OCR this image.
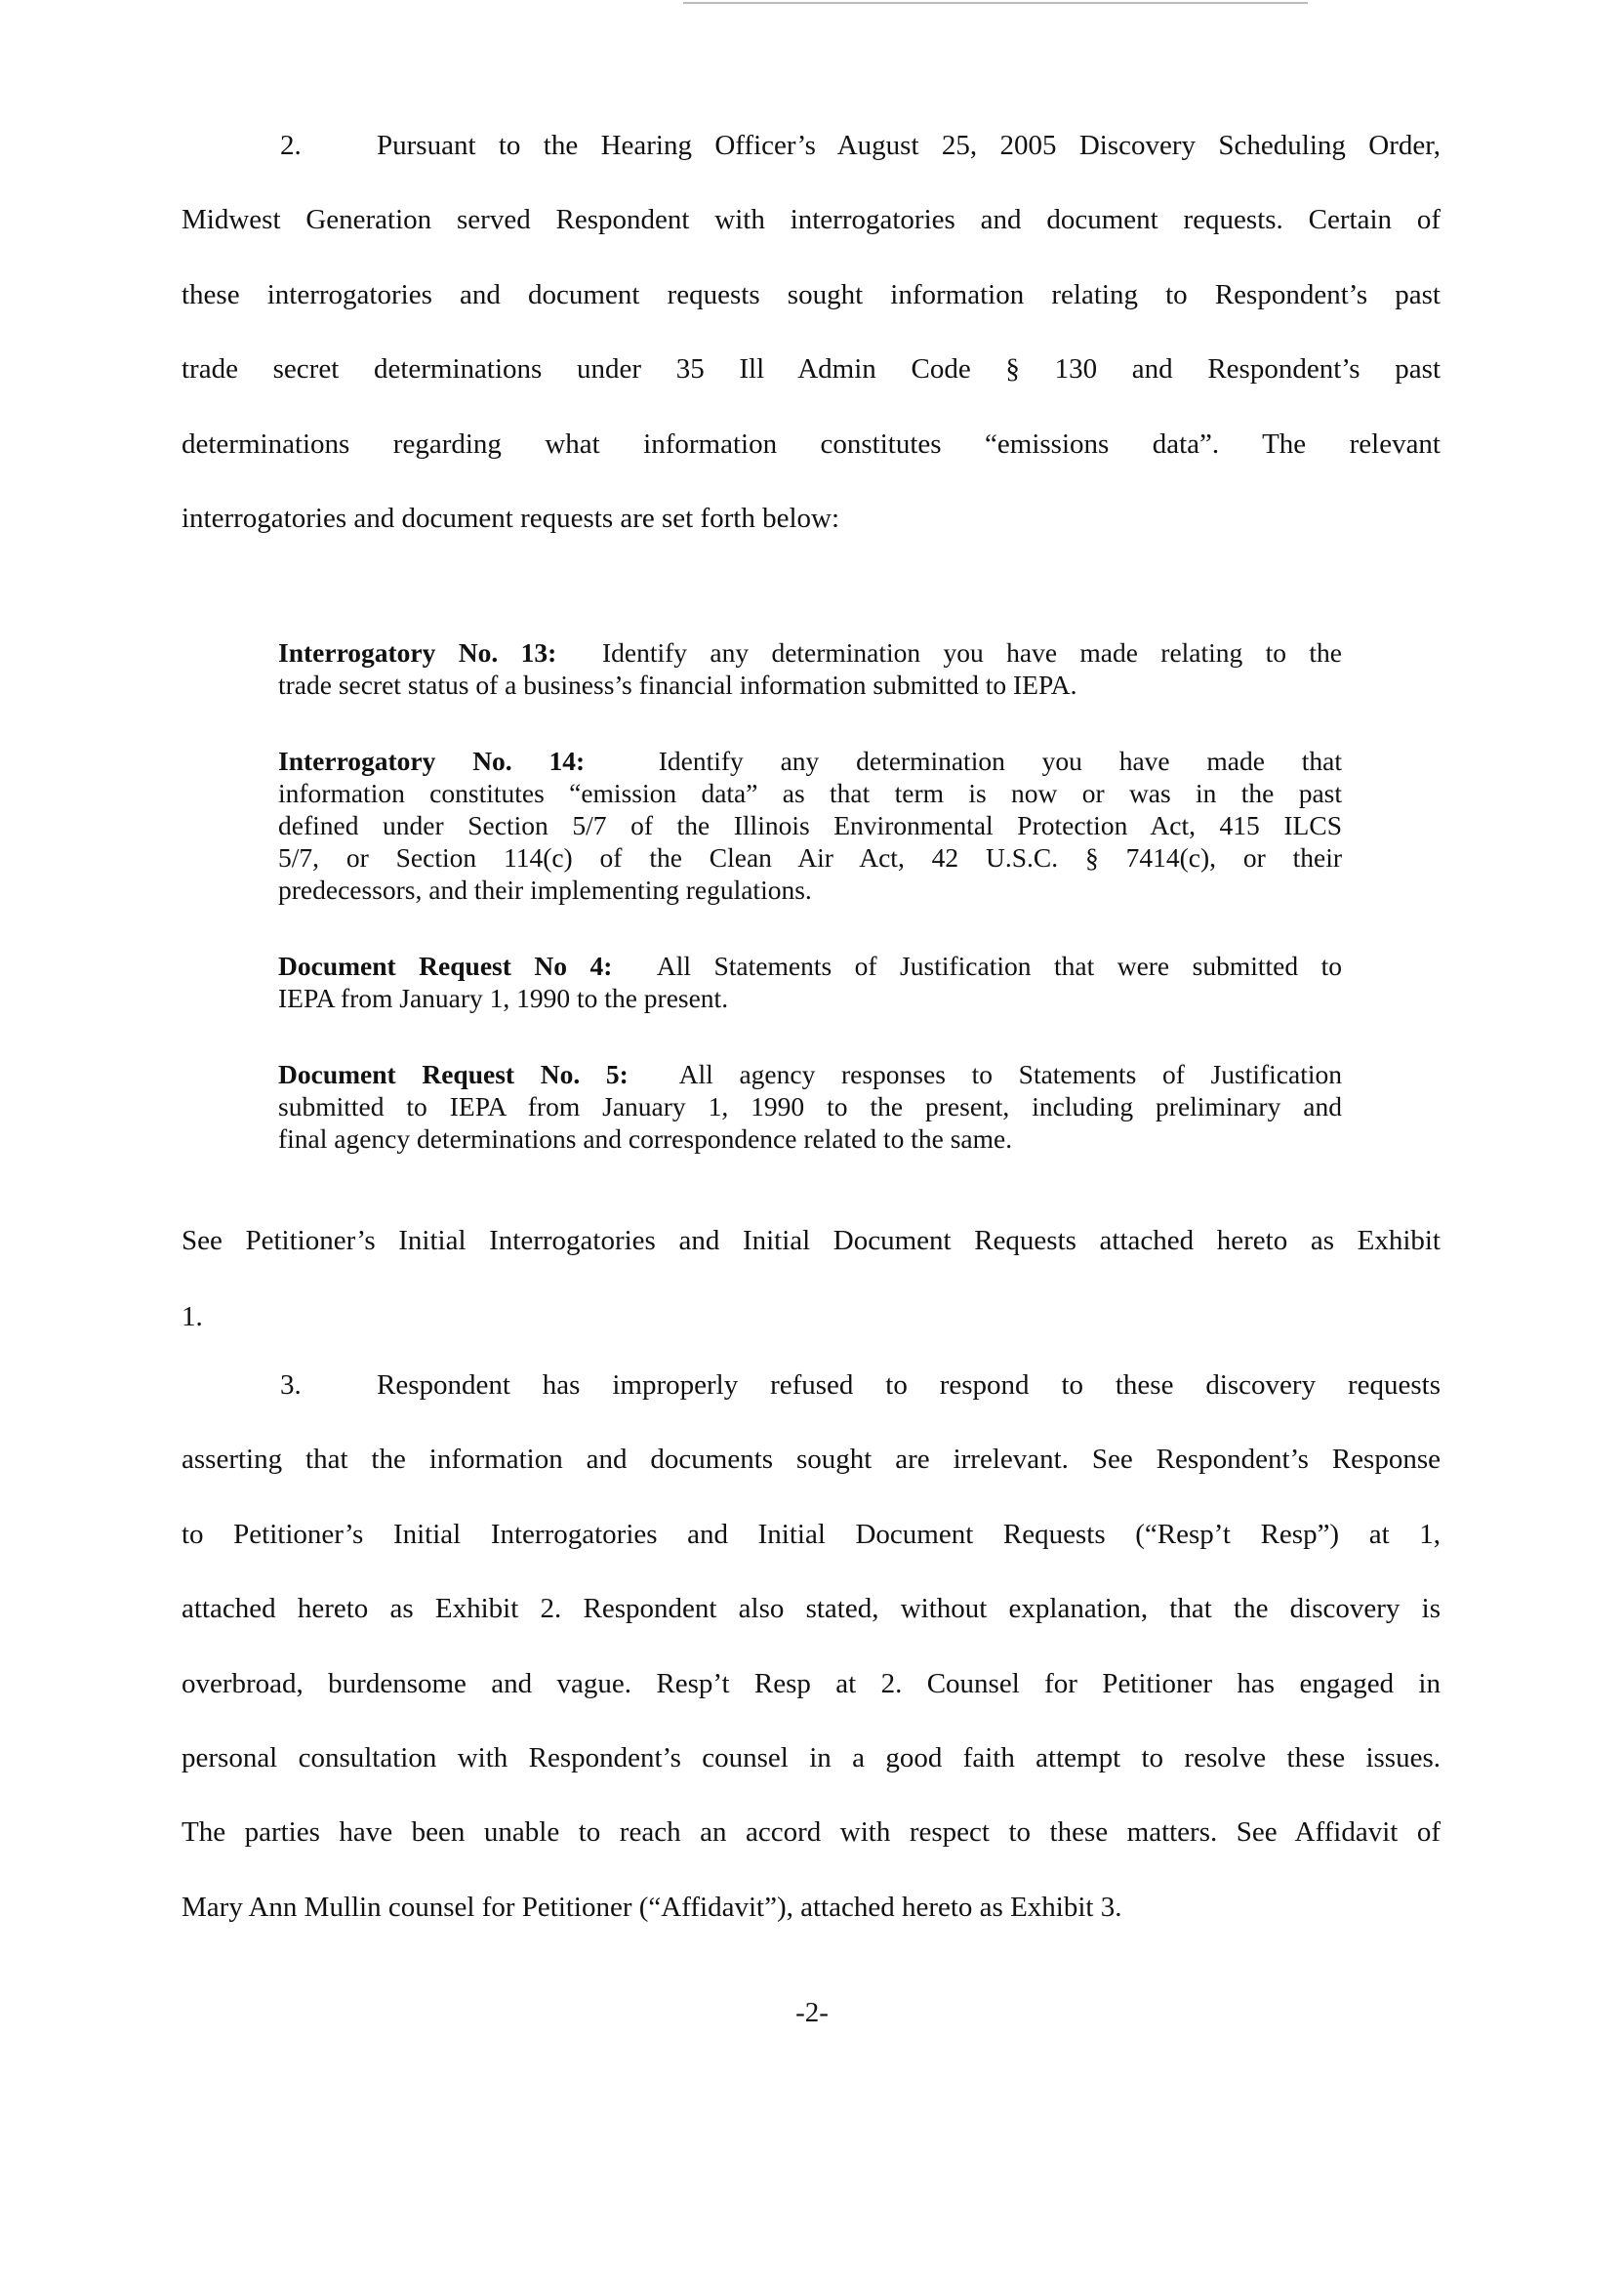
2.	Pursuant to the Hearing Officer’s August 25, 2005 Discovery Scheduling Order,
Midwest Generation served Respondent with interrogatories and document requests. Certain of
these interrogatories and document requests sought information relating to Respondent’s past
trade secret determinations under 35 Ill Admin Code § 130 and Respondent’s past
determinations regarding what information constitutes “emissions data”. The relevant
interrogatories and document requests are set forth below:
Interrogatory No. 13: Identify any determination you have made relating to the
trade secret status of a business’s financial information submitted to IEPA.
Interrogatory No. 14:	Identify any determination you have made that
information constitutes “emission data” as that term is now or was in the past
defined under Section 5/7 of the Illinois Environmental Protection Act, 415 ILCS
5/7, or Section 114(c) of the Clean Air Act, 42 U.S.C. § 7414(c), or their
predecessors, and their implementing regulations.
Document Request No 4: All Statements of Justification that were submitted to
IEPA from January 1, 1990 to the present.
Document Request No. 5: All agency responses to Statements of Justification
submitted to IEPA from January 1, 1990 to the present, including preliminary and
final agency determinations and correspondence related to the same.
See Petitioner’s Initial Interrogatories and Initial Document Requests attached hereto as Exhibit
1.
3.	Respondent has improperly refused to respond to these discovery requests
asserting that the information and documents sought are irrelevant. See Respondent’s Response
to Petitioner’s Initial Interrogatories and Initial Document Requests (“Resp’t Resp”) at 1,
attached hereto as Exhibit 2. Respondent also stated, without explanation, that the discovery is
overbroad, burdensome and vague. Resp’t Resp at 2. Counsel for Petitioner has engaged in
personal consultation with Respondent’s counsel in a good faith attempt to resolve these issues.
The parties have been unable to reach an accord with respect to these matters. See Affidavit of
Mary Ann Mullin counsel for Petitioner (“Affidavit”), attached hereto as Exhibit 3.
-2-
